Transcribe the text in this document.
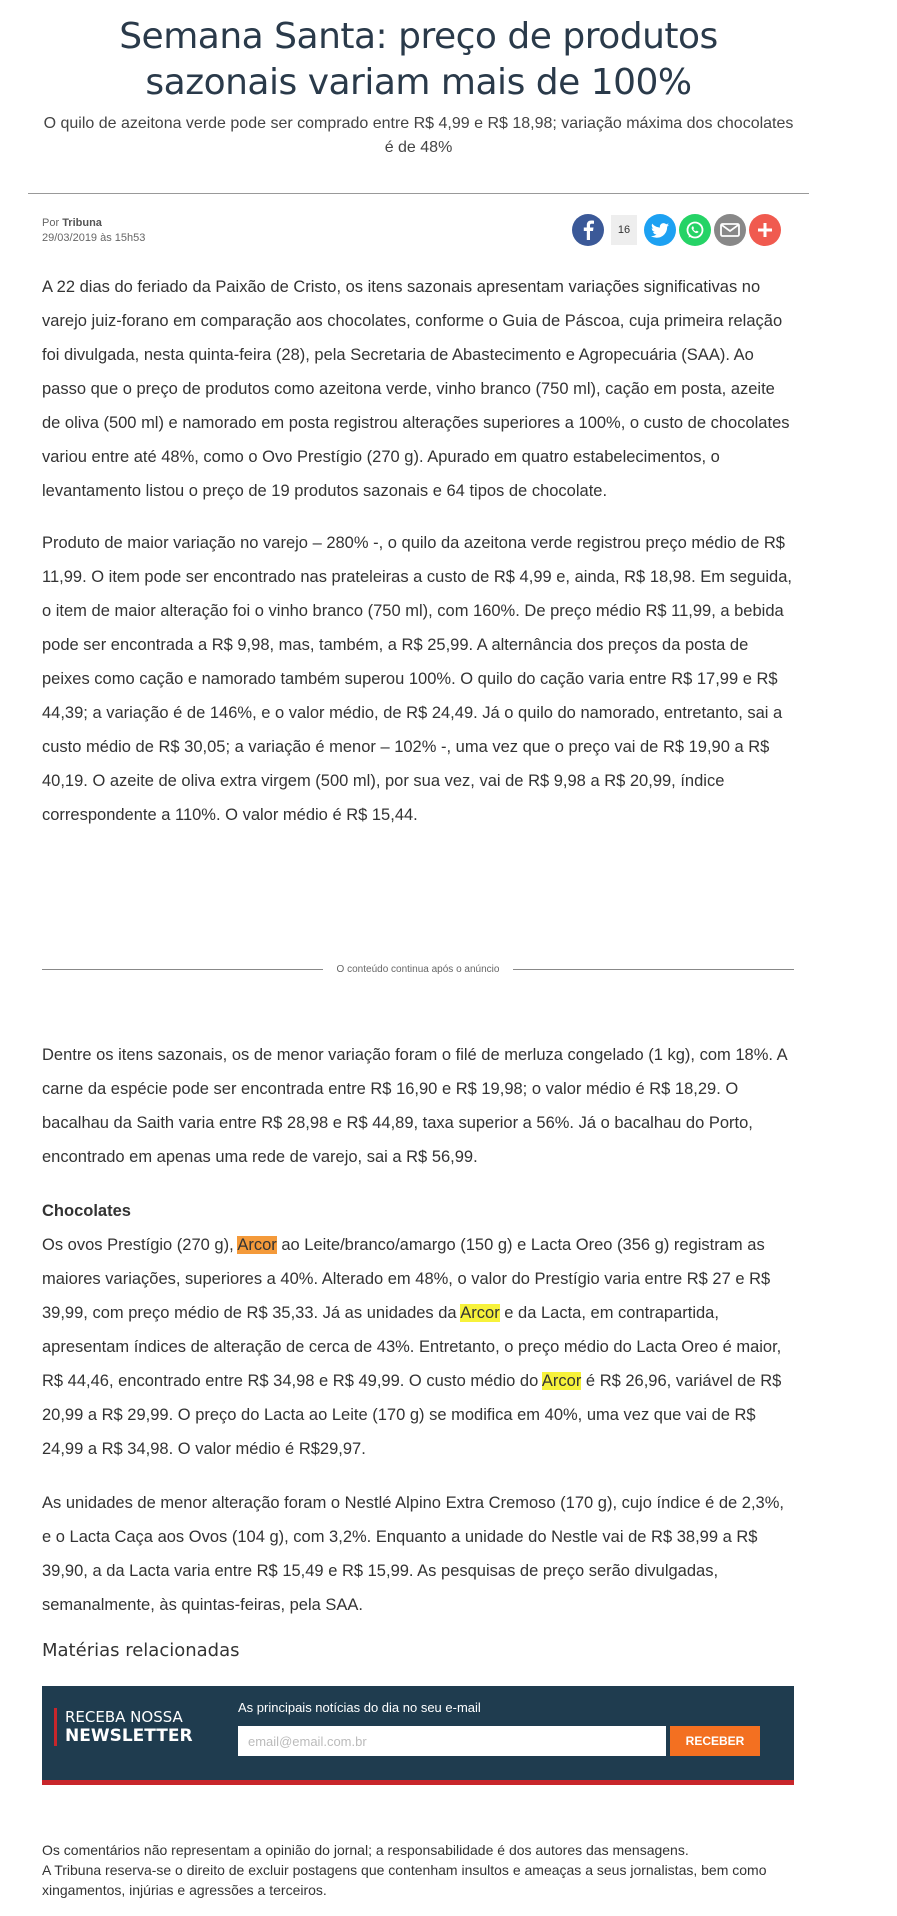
Semana Santa: preço de produtos sazonais variam mais de 100%

O quilo de azeitona verde pode ser comprado entre R$ 4,99 e R$ 18,98; variação máxima dos chocolates é de 48%

Por Tribuna
29/03/2019 às 15h53
16

A 22 dias do feriado da Paixão de Cristo, os itens sazonais apresentam variações significativas no varejo juiz-forano em comparação aos chocolates, conforme o Guia de Páscoa, cuja primeira relação foi divulgada, nesta quinta-feira (28), pela Secretaria de Abastecimento e Agropecuária (SAA). Ao passo que o preço de produtos como azeitona verde, vinho branco (750 ml), cação em posta, azeite de oliva (500 ml) e namorado em posta registrou alterações superiores a 100%, o custo de chocolates variou entre até 48%, como o Ovo Prestígio (270 g). Apurado em quatro estabelecimentos, o levantamento listou o preço de 19 produtos sazonais e 64 tipos de chocolate.

Produto de maior variação no varejo – 280% -, o quilo da azeitona verde registrou preço médio de R$ 11,99. O item pode ser encontrado nas prateleiras a custo de R$ 4,99 e, ainda, R$ 18,98. Em seguida, o item de maior alteração foi o vinho branco (750 ml), com 160%. De preço médio R$ 11,99, a bebida pode ser encontrada a R$ 9,98, mas, também, a R$ 25,99. A alternância dos preços da posta de peixes como cação e namorado também superou 100%. O quilo do cação varia entre R$ 17,99 e R$ 44,39; a variação é de 146%, e o valor médio, de R$ 24,49. Já o quilo do namorado, entretanto, sai a custo médio de R$ 30,05; a variação é menor – 102% -, uma vez que o preço vai de R$ 19,90 a R$ 40,19. O azeite de oliva extra virgem (500 ml), por sua vez, vai de R$ 9,98 a R$ 20,99, índice correspondente a 110%. O valor médio é R$ 15,44.

O conteúdo continua após o anúncio

Dentre os itens sazonais, os de menor variação foram o filé de merluza congelado (1 kg), com 18%. A carne da espécie pode ser encontrada entre R$ 16,90 e R$ 19,98; o valor médio é R$ 18,29. O bacalhau da Saith varia entre R$ 28,98 e R$ 44,89, taxa superior a 56%. Já o bacalhau do Porto, encontrado em apenas uma rede de varejo, sai a R$ 56,99.

Chocolates
Os ovos Prestígio (270 g), Arcor ao Leite/branco/amargo (150 g) e Lacta Oreo (356 g) registram as maiores variações, superiores a 40%. Alterado em 48%, o valor do Prestígio varia entre R$ 27 e R$ 39,99, com preço médio de R$ 35,33. Já as unidades da Arcor e da Lacta, em contrapartida, apresentam índices de alteração de cerca de 43%. Entretanto, o preço médio do Lacta Oreo é maior, R$ 44,46, encontrado entre R$ 34,98 e R$ 49,99. O custo médio do Arcor é R$ 26,96, variável de R$ 20,99 a R$ 29,99. O preço do Lacta ao Leite (170 g) se modifica em 40%, uma vez que vai de R$ 24,99 a R$ 34,98. O valor médio é R$29,97.

As unidades de menor alteração foram o Nestlé Alpino Extra Cremoso (170 g), cujo índice é de 2,3%, e o Lacta Caça aos Ovos (104 g), com 3,2%. Enquanto a unidade do Nestle vai de R$ 38,99 a R$ 39,90, a da Lacta varia entre R$ 15,49 e R$ 15,99. As pesquisas de preço serão divulgadas, semanalmente, às quintas-feiras, pela SAA.

Matérias relacionadas
RECEBA NOSSA
NEWSLETTER
As principais notícias do dia no seu e-mail
email@email.com.br
RECEBER
Os comentários não representam a opinião do jornal; a responsabilidade é dos autores das mensagens.
A Tribuna reserva-se o direito de excluir postagens que contenham insultos e ameaças a seus jornalistas, bem como xingamentos, injúrias e agressões a terceiros.
